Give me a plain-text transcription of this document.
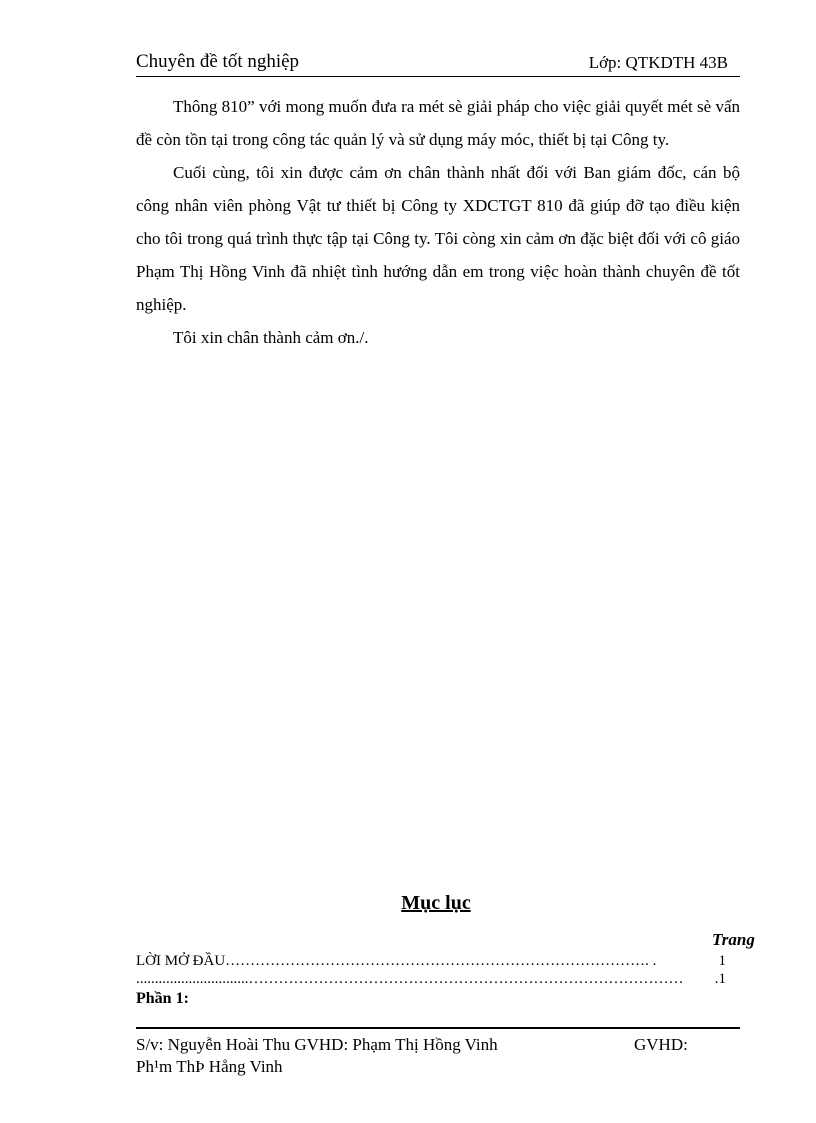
Chuyên đề tốt nghiệp	Lớp: QTKDTH 43B

Thông 810” với mong muốn đưa ra mét sè giải pháp cho việc giải quyết mét sè vấn đề còn tồn tại trong công tác quản lý và sử dụng máy móc, thiết bị tại Công ty.

Cuối cùng, tôi xin được cảm ơn chân thành nhất đối với Ban giám đốc, cán bộ công nhân viên phòng Vật tư thiết bị Công ty XDCTGT 810 đã giúp đỡ tạo điều kiện cho tôi trong quá trình thực tập tại Công ty. Tôi còng xin cảm ơn đặc biệt đối với cô giáo Phạm Thị Hồng Vinh đã nhiệt tình hướng dẫn em trong việc hoàn thành chuyên đề tốt nghiệp.

Tôi xin chân thành cảm ơn./.

Mục lục
Trang
LỜI MỞ ĐẦU…………………………………………………………………………. .	1
..............................…………………………………………………………………………… .1
Phần 1:
S/v: Nguyễn Hoài Thu GVHD: Phạm Thị Hồng Vinh	GVHD:
Ph¹m ThÞ Hång Vinh
